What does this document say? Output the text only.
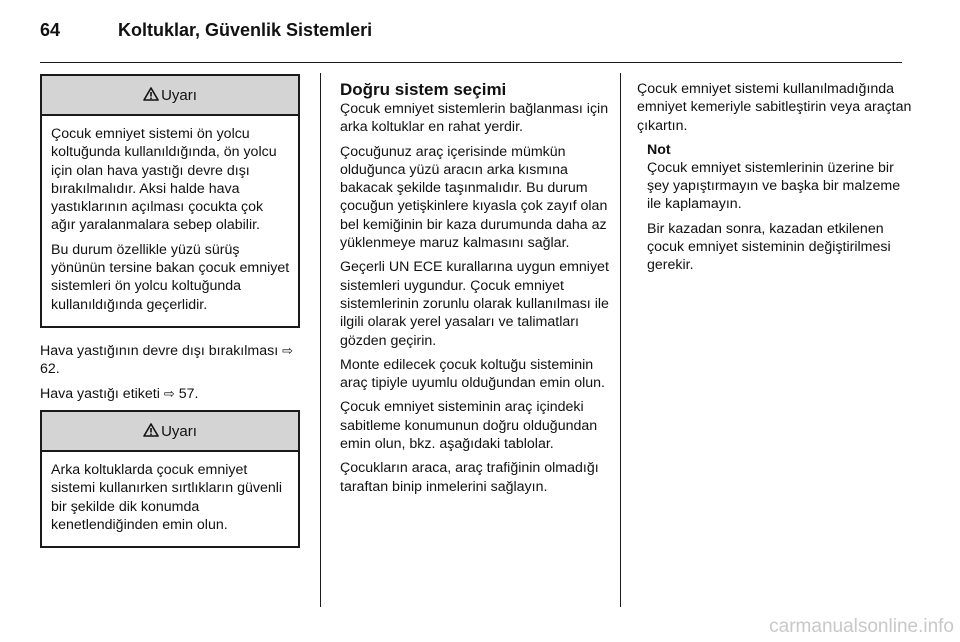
64	Koltuklar, Güvenlik Sistemleri
Uyarı

Çocuk emniyet sistemi ön yolcu koltuğunda kullanıldığında, ön yolcu için olan hava yastığı devre dışı bırakılmalıdır. Aksi halde hava yastıklarının açılması çocukta çok ağır yaralanmalara sebep olabilir.

Bu durum özellikle yüzü sürüş yönünün tersine bakan çocuk emniyet sistemleri ön yolcu koltuğunda kullanıldığında geçerlidir.

Hava yastığının devre dışı bırakılması ⇨ 62.

Hava yastığı etiketi ⇨ 57.

Uyarı

Arka koltuklarda çocuk emniyet sistemi kullanırken sırtlıkların güvenli bir şekilde dik konumda kenetlendiğinden emin olun.

Doğru sistem seçimi

Çocuk emniyet sistemlerin bağlanması için arka koltuklar en rahat yerdir.

Çocuğunuz araç içerisinde mümkün olduğunca yüzü aracın arka kısmına bakacak şekilde taşınmalıdır. Bu durum çocuğun yetişkinlere kıyasla çok zayıf olan bel kemiğinin bir kaza durumunda daha az yüklenmeye maruz kalmasını sağlar.

Geçerli UN ECE kurallarına uygun emniyet sistemleri uygundur. Çocuk emniyet sistemlerinin zorunlu olarak kullanılması ile ilgili olarak yerel yasaları ve talimatları gözden geçirin.

Monte edilecek çocuk koltuğu sisteminin araç tipiyle uyumlu olduğundan emin olun.

Çocuk emniyet sisteminin araç içindeki sabitleme konumunun doğru olduğundan emin olun, bkz. aşağıdaki tablolar.

Çocukların araca, araç trafiğinin olmadığı taraftan binip inmelerini sağlayın.

Çocuk emniyet sistemi kullanılmadığında emniyet kemeriyle sabitleştirin veya araçtan çıkartın.

Not

Çocuk emniyet sistemlerinin üzerine bir şey yapıştırmayın ve başka bir malzeme ile kaplamayın.

Bir kazadan sonra, kazadan etkilenen çocuk emniyet sisteminin değiştirilmesi gerekir.

carmanualsonline.info
